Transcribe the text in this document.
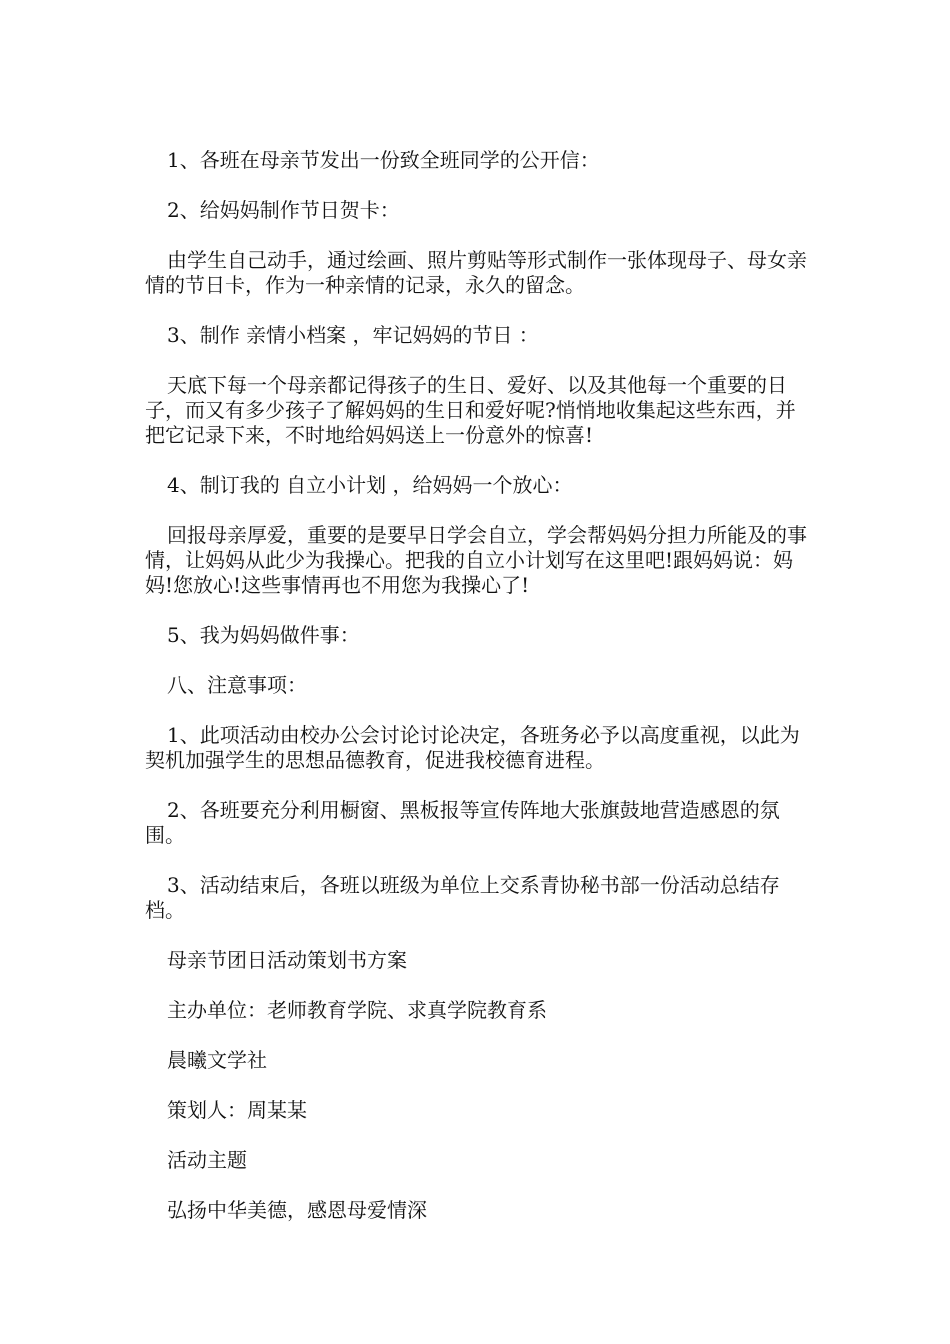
1、各班在母亲节发出一份致全班同学的公开信：

2、给妈妈制作节日贺卡：

由学生自己动手，通过绘画、照片剪贴等形式制作一张体现母子、母女亲情的节日卡，作为一种亲情的记录，永久的留念。

3、制作 亲情小档案 ，牢记妈妈的节日 ：

天底下每一个母亲都记得孩子的生日、爱好、以及其他每一个重要的日子，而又有多少孩子了解妈妈的生日和爱好呢?悄悄地收集起这些东西，并把它记录下来，不时地给妈妈送上一份意外的惊喜!

4、制订我的 自立小计划 ，给妈妈一个放心：

回报母亲厚爱，重要的是要早日学会自立，学会帮妈妈分担力所能及的事情，让妈妈从此少为我操心。把我的自立小计划写在这里吧!跟妈妈说：妈妈!您放心!这些事情再也不用您为我操心了!

5、我为妈妈做件事：

八、注意事项：

1、此项活动由校办公会讨论讨论决定，各班务必予以高度重视，以此为契机加强学生的思想品德教育，促进我校德育进程。

2、各班要充分利用橱窗、黑板报等宣传阵地大张旗鼓地营造感恩的氛围。

3、活动结束后，各班以班级为单位上交系青协秘书部一份活动总结存档。

母亲节团日活动策划书方案

主办单位：老师教育学院、求真学院教育系

晨曦文学社

策划人：周某某

活动主题

弘扬中华美德，感恩母爱情深
